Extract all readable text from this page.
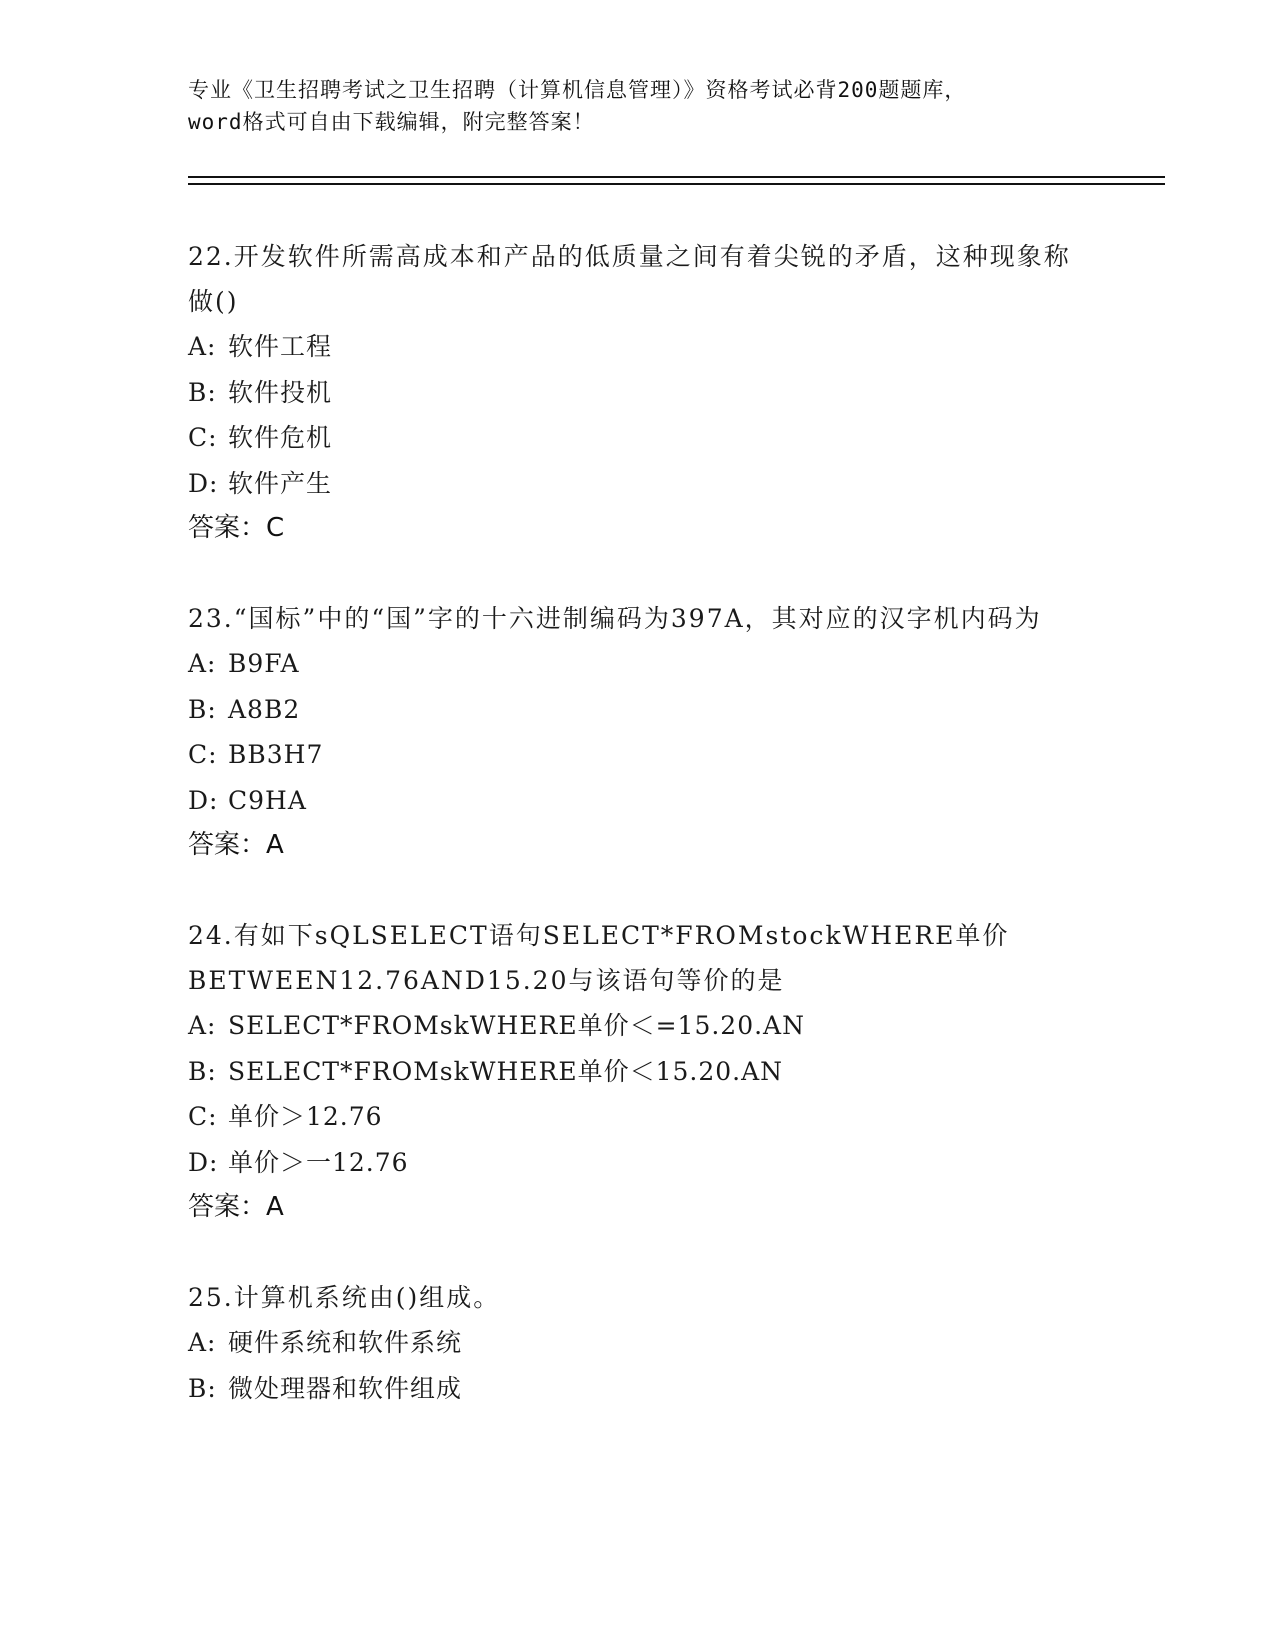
专业《卫生招聘考试之卫生招聘（计算机信息管理）》资格考试必背200题题库，
word格式可自由下载编辑，附完整答案！
22.开发软件所需高成本和产品的低质量之间有着尖锐的矛盾，这种现象称做()
A: 软件工程
B: 软件投机
C: 软件危机
D: 软件产生
答案：C
23.“国标”中的“国”字的十六进制编码为397A，其对应的汉字机内码为
A: B9FA
B: A8B2
C: BB3H7
D: C9HA
答案：A
24.有如下sQLSELECT语句SELECT*FROMstockWHERE单价BETWEEN12.76AND15.20与该语句等价的是
A: SELECT*FROMskWHERE单价＜=15.20.AN
B: SELECT*FROMskWHERE单价＜15.20.AN
C: 单价＞12.76
D: 单价＞一12.76
答案：A
25.计算机系统由()组成。
A: 硬件系统和软件系统
B: 微处理器和软件组成
